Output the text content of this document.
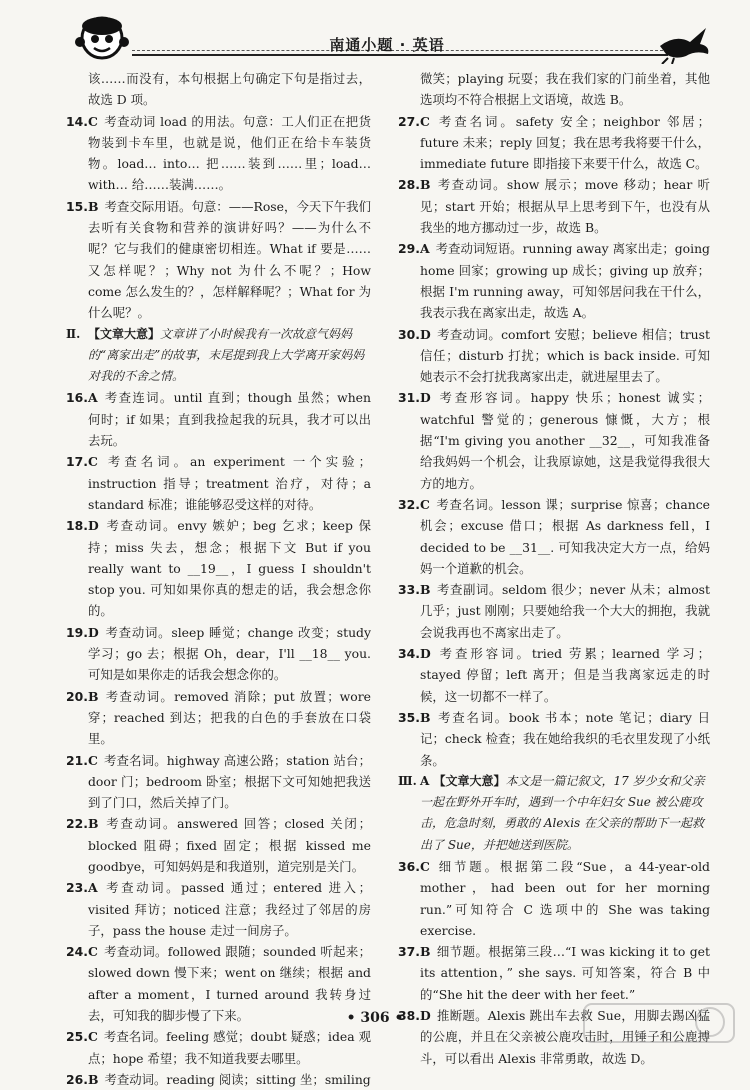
南通小题 · 英语
该……而没有，本句根据上句确定下句是指过去，故选 D 项。
14. C 考查动词 load 的用法。句意：工人们正在把货物装到卡车里，也就是说，他们正在给卡车装货物。load… into… 把……装到……里；load… with… 给……装满……。
15. B 考查交际用语。句意：——Rose，今天下午我们去听有关食物和营养的演讲好吗？——为什么不呢？它与我们的健康密切相连。What if 要是……又怎样呢？；Why not 为什么不呢？；How come 怎么发生的？，怎样解释呢？；What for 为什么呢？。
Ⅱ. 【文章大意】文章讲了小时候我有一次故意气妈妈的“离家出走”的故事，末尾提到我上大学离开家妈妈对我的不舍之情。
16. A 考查连词。until 直到；though 虽然；when 何时；if 如果；直到我捡起我的玩具，我才可以出去玩。
17. C 考查名词。an experiment 一个实验；instruction 指导；treatment 治疗，对待；a standard 标准；谁能够忍受这样的对待。
18. D 考查动词。envy 嫉妒；beg 乞求；keep 保持；miss 失去，想念；根据下文 But if you really want to __19__，I guess I shouldn't stop you. 可知如果你真的想走的话，我会想念你的。
19. D 考查动词。sleep 睡觉；change 改变；study 学习；go 去；根据 Oh，dear，I'll __18__ you. 可知是如果你走的话我会想念你的。
20. B 考查动词。removed 消除；put 放置；wore 穿；reached 到达；把我的白色的手套放在口袋里。
21. C 考查名词。highway 高速公路；station 站台；door 门；bedroom 卧室；根据下文可知她把我送到了门口，然后关掉了门。
22. B 考查动词。answered 回答；closed 关闭；blocked 阻碍；fixed 固定；根据 kissed me goodbye，可知妈妈是和我道别，道完别是关门。
23. A 考查动词。passed 通过；entered 进入；visited 拜访；noticed 注意；我经过了邻居的房子，pass the house 走过一间房子。
24. C 考查动词。followed 跟随；sounded 听起来；slowed down 慢下来；went on 继续；根据 and after a moment，I turned around 我转身过去，可知我的脚步慢了下来。
25. C 考查名词。feeling 感觉；doubt 疑惑；idea 观点；hope 希望；我不知道我要去哪里。
26. B 考查动词。reading 阅读；sitting 坐；smiling
微笑；playing 玩耍；我在我们家的门前坐着，其他选项均不符合根据上文语境，故选 B。
27. C 考查名词。safety 安全；neighbor 邻居；future 未来；reply 回复；我在思考我将要干什么，immediate future 即指接下来要干什么，故选 C。
28. B 考查动词。show 展示；move 移动；hear 听见；start 开始；根据从早上思考到下午，也没有从我坐的地方挪动过一步，故选 B。
29. A 考查动词短语。running away 离家出走；going home 回家；growing up 成长；giving up 放弃；根据 I'm running away，可知邻居问我在干什么，我表示我在离家出走，故选 A。
30. D 考查动词。comfort 安慰；believe 相信；trust 信任；disturb 打扰；which is back inside. 可知她表示不会打扰我离家出走，就进屋里去了。
31. D 考查形容词。happy 快乐；honest 诚实；watchful 警觉的；generous 慷慨，大方；根据“I'm giving you another __32__，可知我准备给我妈妈一个机会，让我原谅她，这是我觉得我很大方的地方。
32. C 考查名词。lesson 课；surprise 惊喜；chance 机会；excuse 借口；根据 As darkness fell，I decided to be __31__. 可知我决定大方一点，给妈妈一个道歉的机会。
33. B 考查副词。seldom 很少；never 从未；almost 几乎；just 刚刚；只要她给我一个大大的拥抱，我就会说我再也不离家出走了。
34. D 考查形容词。tried 劳累；learned 学习；stayed 停留；left 离开；但是当我离家远走的时候，这一切都不一样了。
35. B 考查名词。book 书本；note 笔记；diary 日记；check 检查；我在她给我织的毛衣里发现了小纸条。
Ⅲ. A 【文章大意】本文是一篇记叙文，17 岁少女和父亲一起在野外开车时，遇到一个中年妇女 Sue 被公鹿攻击，危急时刻，勇敢的 Alexis 在父亲的帮助下一起救出了 Sue，并把她送到医院。
36. C 细节题。根据第二段“Sue，a 44-year-old mother，had been out for her morning run.”可知符合 C 选项中的 She was taking exercise.
37. B 细节题。根据第三段…“I was kicking it to get its attention，” she says. 可知答案，符合 B 中的“She hit the deer with her feet.”
38. D 推断题。Alexis 跳出车去救 Sue，用脚去踢凶猛的公鹿，并且在父亲被公鹿攻击时，用锤子和公鹿搏斗，可以看出 Alexis 非常勇敢，故选 D。
• 306 •
